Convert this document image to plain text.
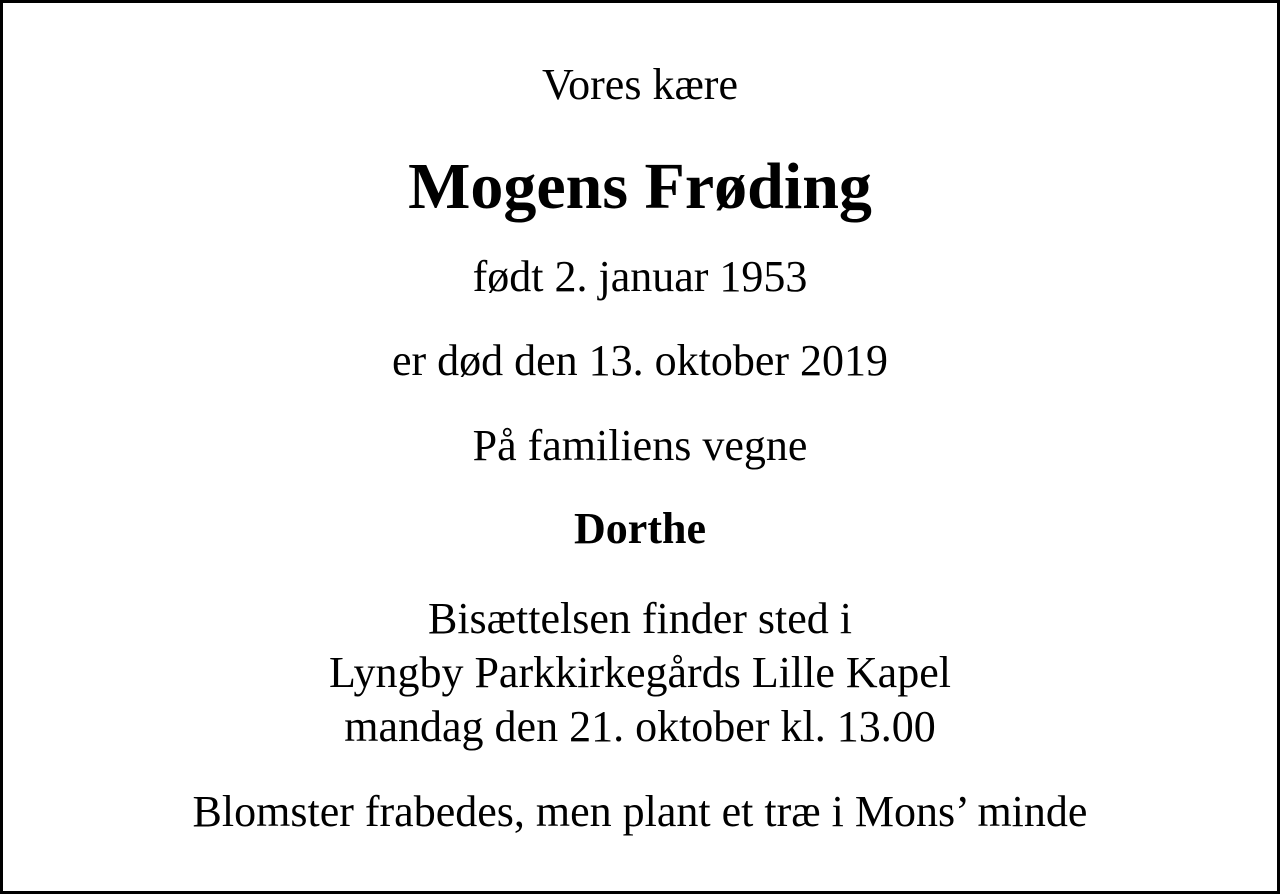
Vores kære
Mogens Frøding
født 2. januar 1953
er død den 13. oktober 2019
På familiens vegne
Dorthe
Bisættelsen finder sted i
Lyngby Parkkirkegårds Lille Kapel
mandag den 21. oktober kl. 13.00
Blomster frabedes, men plant et træ i Mons’ minde
